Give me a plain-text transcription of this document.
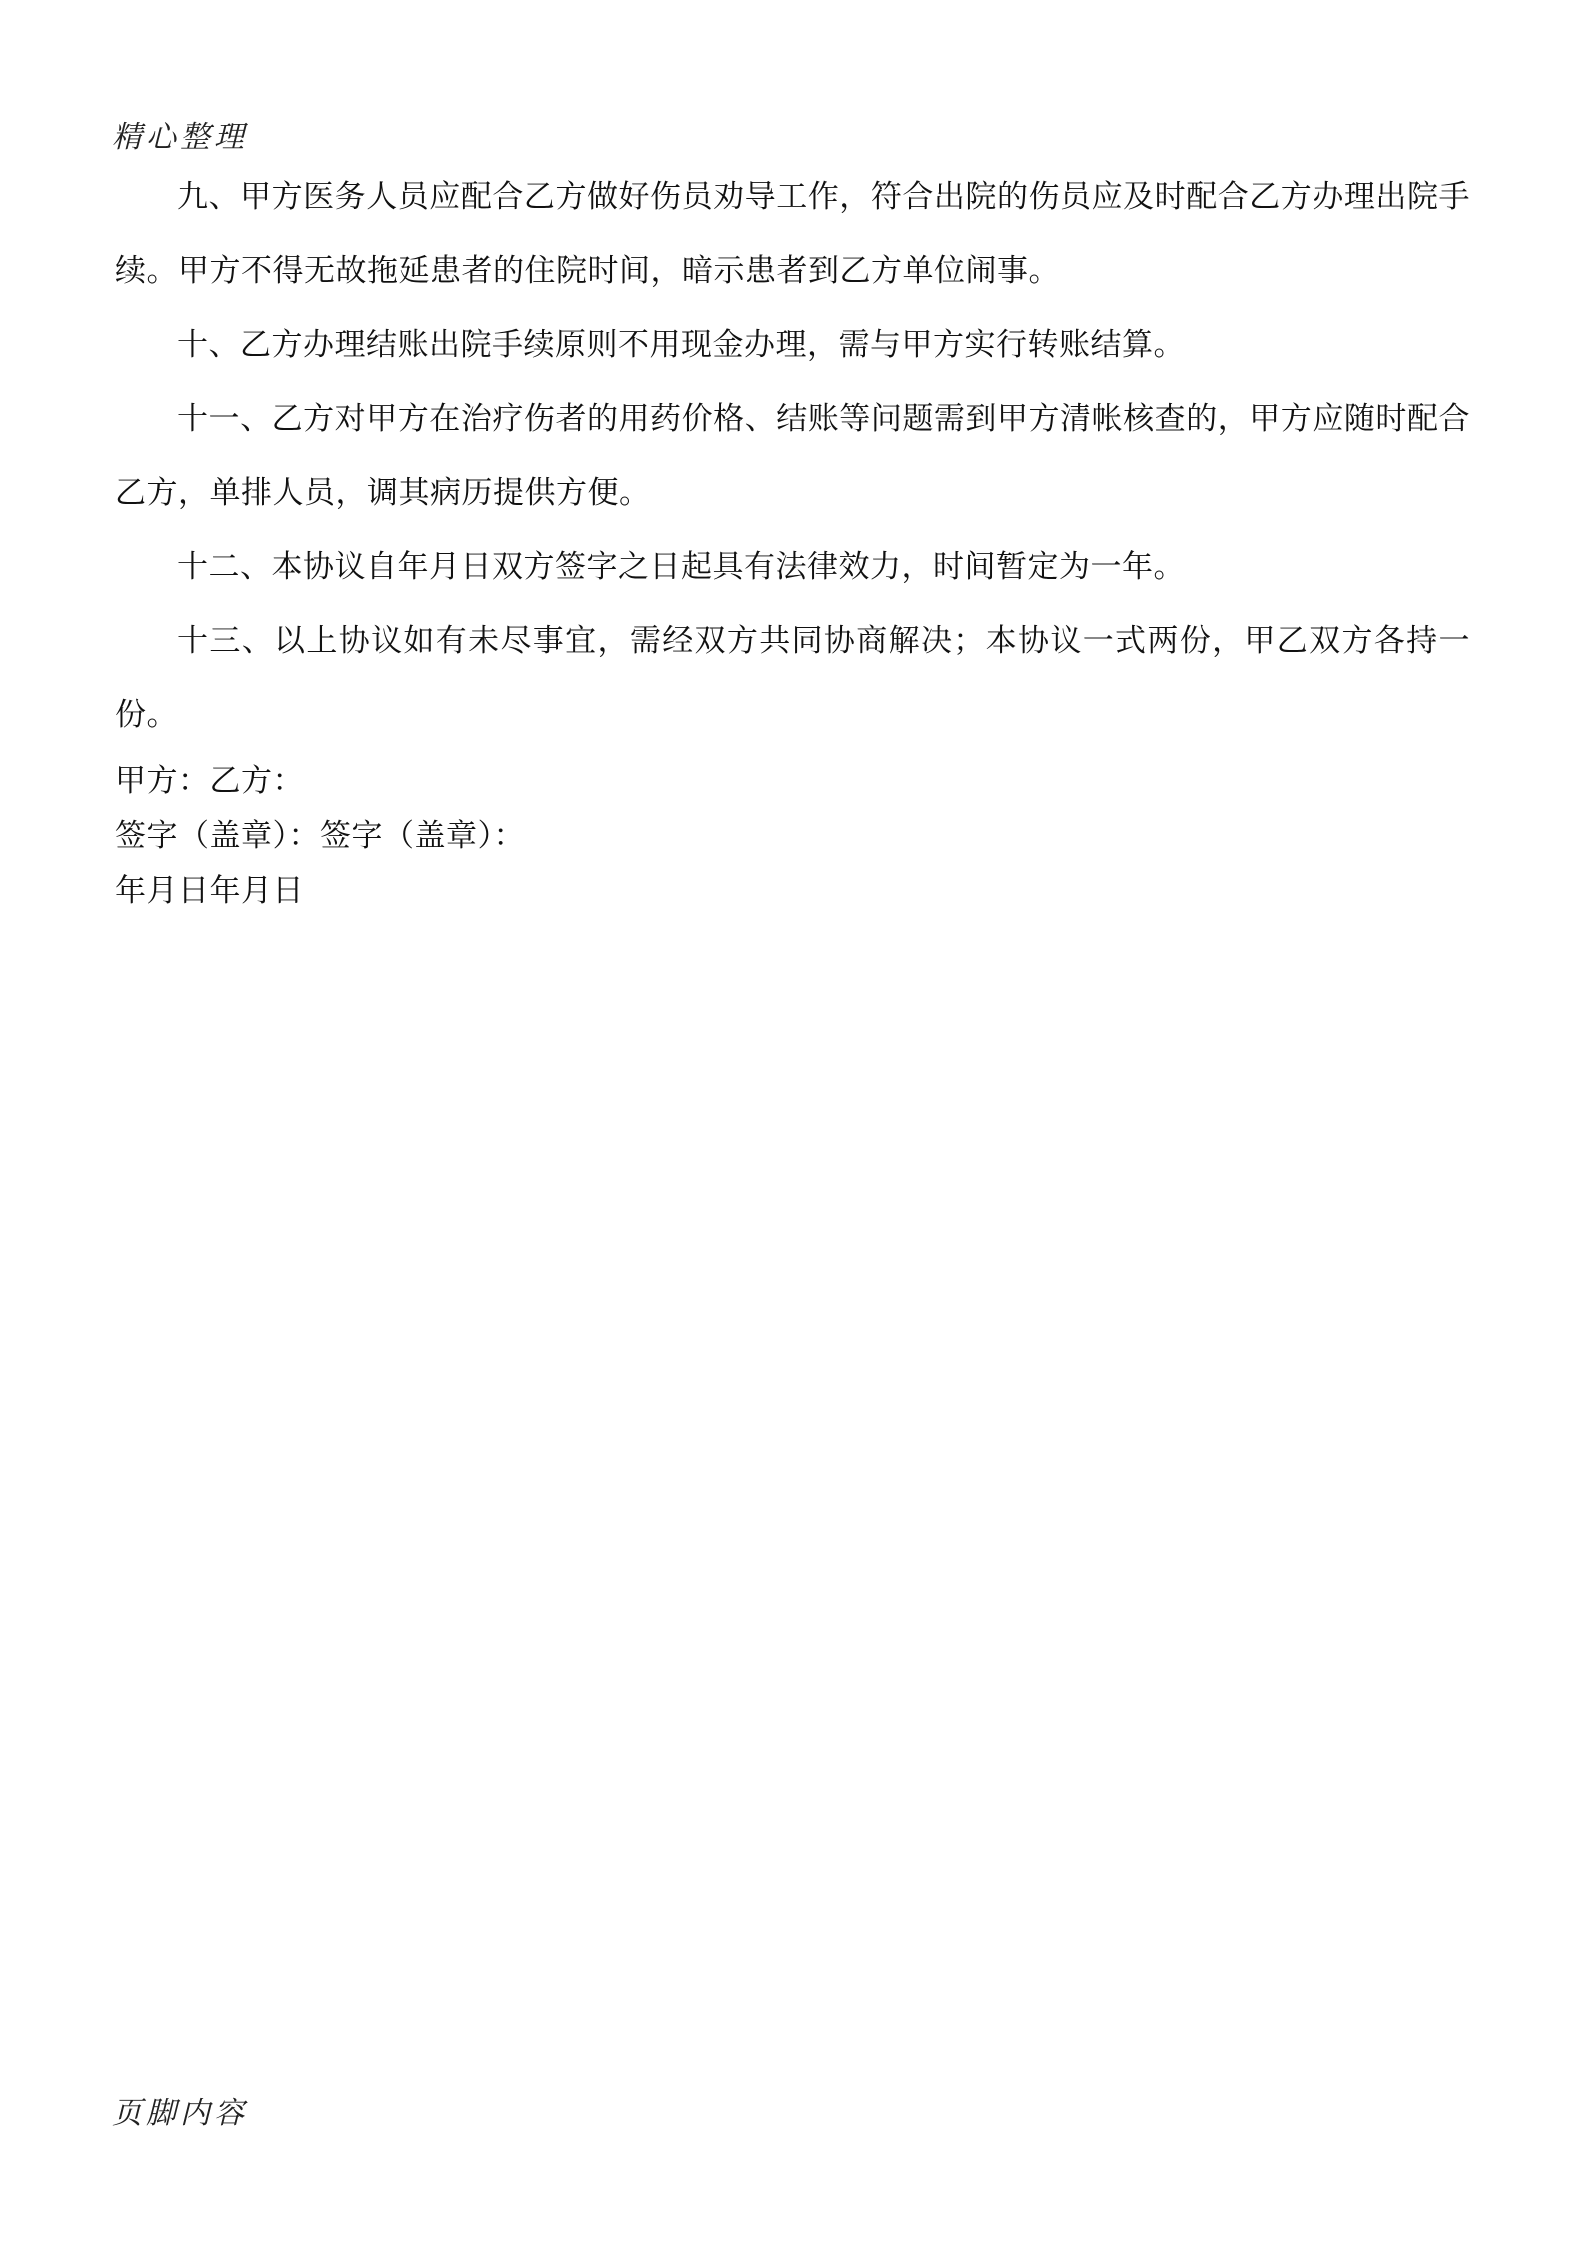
精心整理

九、甲方医务人员应配合乙方做好伤员劝导工作，符合出院的伤员应及时配合乙方办理出院手续。甲方不得无故拖延患者的住院时间，暗示患者到乙方单位闹事。

十、乙方办理结账出院手续原则不用现金办理，需与甲方实行转账结算。

十一、乙方对甲方在治疗伤者的用药价格、结账等问题需到甲方清帐核查的，甲方应随时配合乙方，单排人员，调其病历提供方便。

十二、本协议自年月日双方签字之日起具有法律效力，时间暂定为一年。

十三、以上协议如有未尽事宜，需经双方共同协商解决；本协议一式两份，甲乙双方各持一份。

甲方：乙方：

签字（盖章）：签字（盖章）：

年月日年月日

页脚内容
